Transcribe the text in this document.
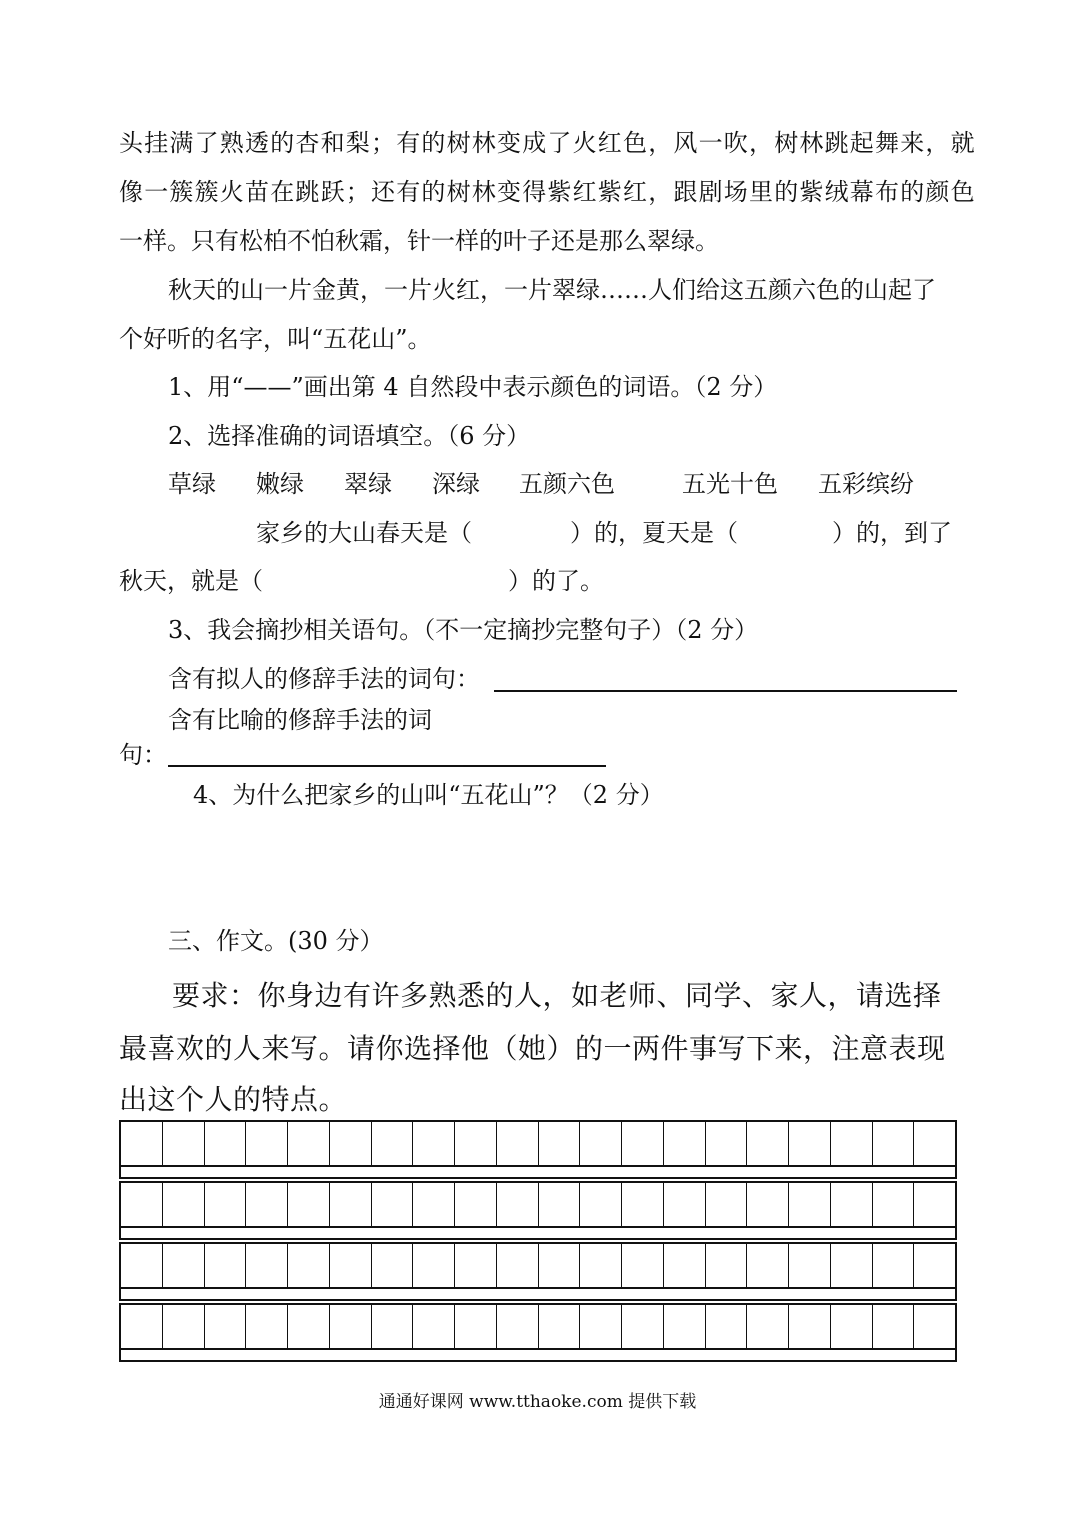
头挂满了熟透的杏和梨；有的树林变成了火红色，风一吹，树林跳起舞来，就
像一簇簇火苗在跳跃；还有的树林变得紫红紫红，跟剧场里的紫绒幕布的颜色
一样。只有松柏不怕秋霜，针一样的叶子还是那么翠绿。
秋天的山一片金黄，一片火红，一片翠绿……人们给这五颜六色的山起了
个好听的名字，叫“五花山”。
1、用“——”画出第 4 自然段中表示颜色的词语。（2 分）
2、选择准确的词语填空。（6 分）
草绿 嫩绿 翠绿 深绿 五颜六色	五光十色 五彩缤纷
家乡的大山春天是（	）的，夏天是（	）的，到了
秋天，就是（	）的了。
3、我会摘抄相关语句。（不一定摘抄完整句子）（2 分）
含有拟人的修辞手法的词句：
含有比喻的修辞手法的词
句：
4、为什么把家乡的山叫“五花山”？（2 分）
三、作文。(30 分）
要求：你身边有许多熟悉的人，如老师、同学、家人，请选择
最喜欢的人来写。请你选择他（她）的一两件事写下来，注意表现
出这个人的特点。
通通好课网 www.tthaoke.com 提供下载
